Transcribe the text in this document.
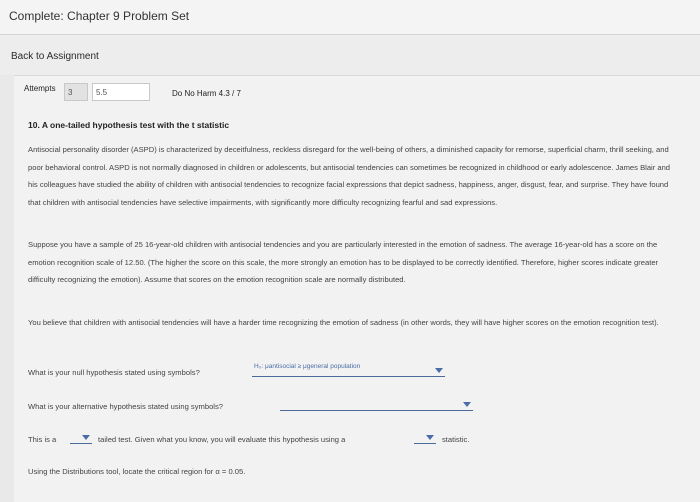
Complete: Chapter 9 Problem Set
Back to Assignment
Attempts	3	5.5	Do No Harm 4.3 / 7
10. A one-tailed hypothesis test with the t statistic
Antisocial personality disorder (ASPD) is characterized by deceitfulness, reckless disregard for the well-being of others, a diminished capacity for remorse, superficial charm, thrill seeking, and poor behavioral control. ASPD is not normally diagnosed in children or adolescents, but antisocial tendencies can sometimes be recognized in childhood or early adolescence. James Blair and his colleagues have studied the ability of children with antisocial tendencies to recognize facial expressions that depict sadness, happiness, anger, disgust, fear, and surprise. They have found that children with antisocial tendencies have selective impairments, with significantly more difficulty recognizing fearful and sad expressions.
Suppose you have a sample of 25 16-year-old children with antisocial tendencies and you are particularly interested in the emotion of sadness. The average 16-year-old has a score on the emotion recognition scale of 12.50. (The higher the score on this scale, the more strongly an emotion has to be displayed to be correctly identified. Therefore, higher scores indicate greater difficulty recognizing the emotion). Assume that scores on the emotion recognition scale are normally distributed.
You believe that children with antisocial tendencies will have a harder time recognizing the emotion of sadness (in other words, they will have higher scores on the emotion recognition test).
What is your null hypothesis stated using symbols?
H₀: μantisocial ≥ μgeneral population
What is your alternative hypothesis stated using symbols?
This is a	tailed test. Given what you know, you will evaluate this hypothesis using a	statistic.
Using the Distributions tool, locate the critical region for α = 0.05.
